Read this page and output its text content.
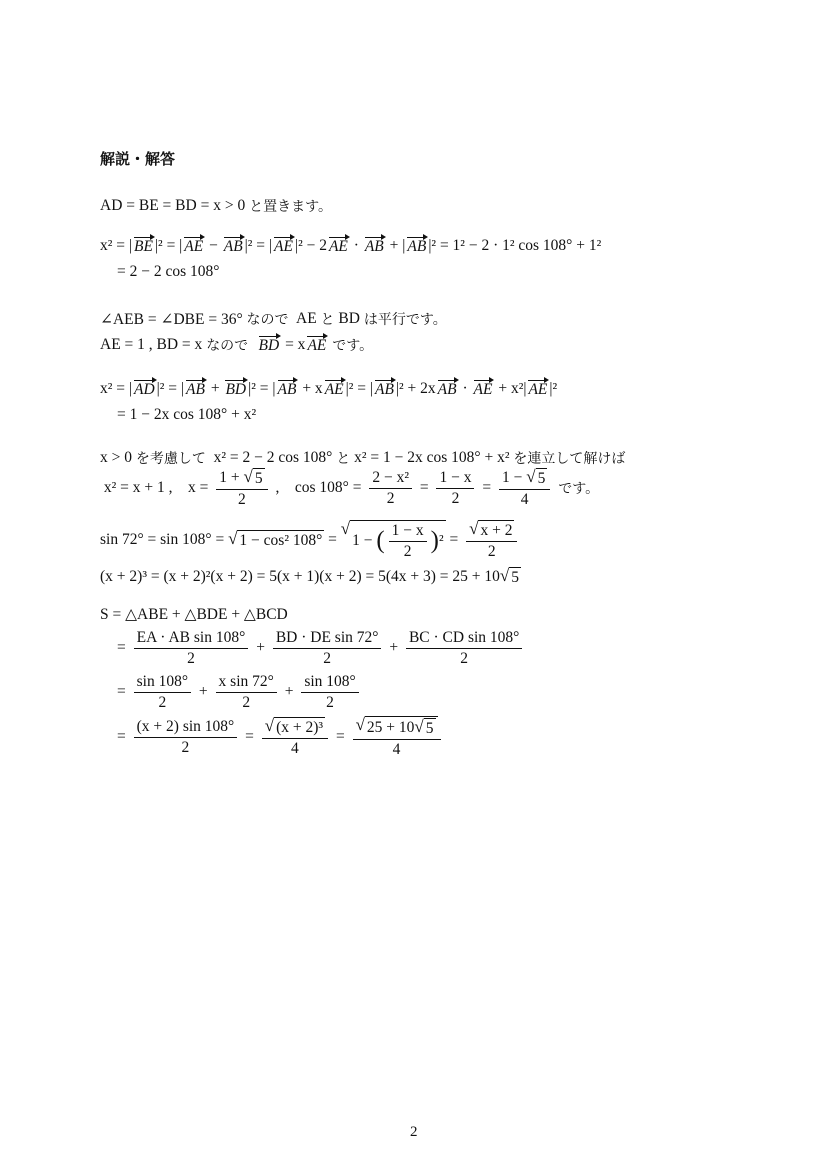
解説・解答
AD = BE = BD = x > 0 と置きます。
x² = | BE |² = | AE − AB |² = | AE |² − 2 AE · AB + | AB |² = 1² − 2 · 1² cos 108° + 1²
= 2 − 2 cos 108°
∠AEB = ∠DBE = 36° なので AE と BD は平行です。
AE = 1 , BD = x なので
BD = x AE
です。
x² = | AD |² = | AB + BD |² = | AB + x AE |² = | AB |² + 2x AB · AE + x²| AE |²
= 1 − 2x cos 108° + x²
x > 0 を考慮して x² = 2 − 2 cos 108° と x² = 1 − 2x cos 108° + x² を連立して解けば
x² = x + 1 ,    $x = \frac{1 + √ 5}{2}$ ,    $\cos 108^\circ = \frac{\text{2 − x²}}{2} = \frac{1 - x}{2} = \frac{1 - √ 5}{4}$
です。
sin 72° = sin 108° = √ 1 − cos² 108° =
√
1 − ( $\frac{1 - x}{2}$ ) $^2 = \frac{√ x + 2}{2}$
(x + 2)³ = (x + 2)²(x + 2) = 5(x + 1)(x + 2) = 5(4x + 3) = 25 + 10 √ 5
S = △ABE + △BDE + △BCD
= $\frac{\text{EA · AB sin 108°}}{2} + \frac{\text{BD · DE sin 72°}}{2} + \frac{\text{BC · CD sin 108°}}{2}$
= $\frac{\sin 108^\circ}{2} + \frac{\text{x sin 72°}}{2} + \frac{\sin 108^\circ}{2}$
= $\frac{(x + 2) \sin 108^\circ}{2} = \frac{\text{√ (x + 2)³}}{4} = \frac{√ 25 + 10 √ 5}{4}$
2
